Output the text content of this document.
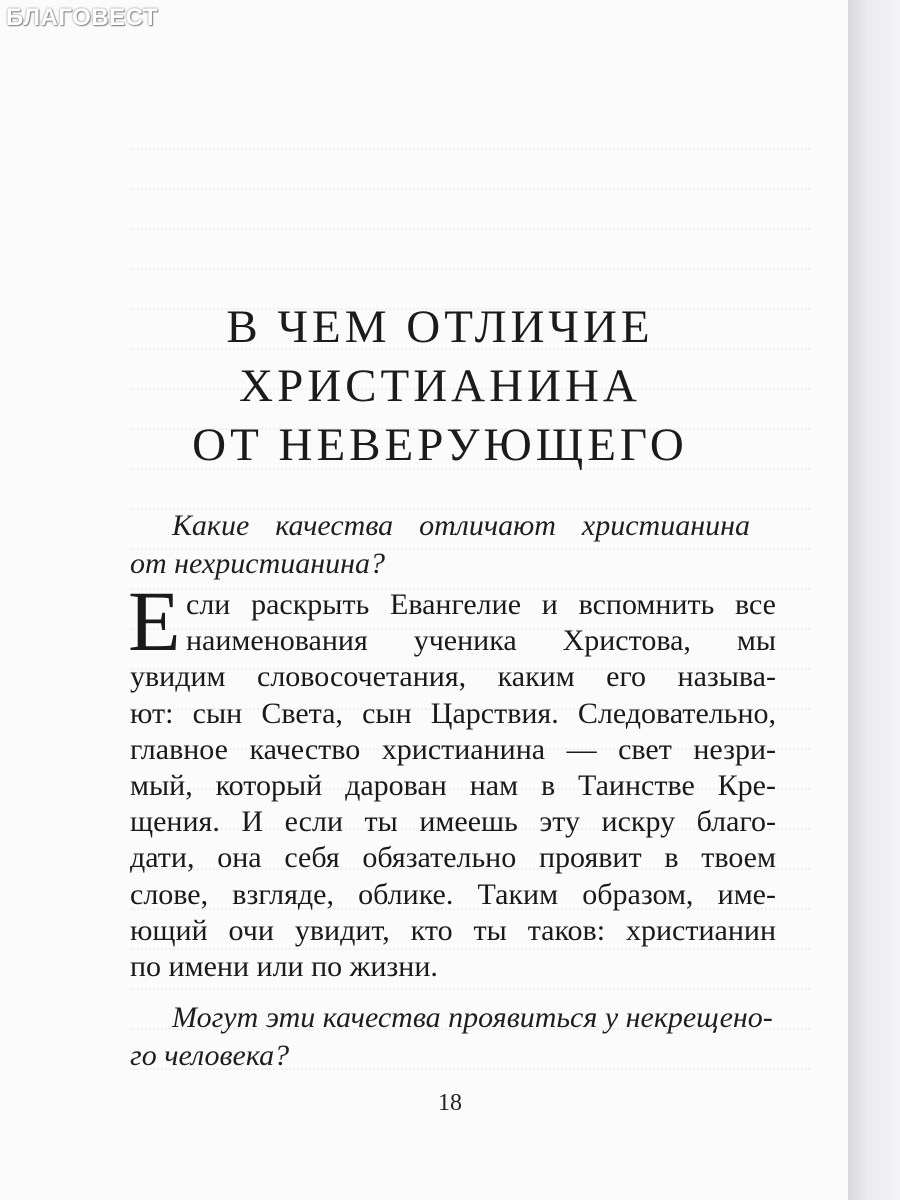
БЛАГОВЕСТ
В ЧЕМ ОТЛИЧИЕ
ХРИСТИАНИНА
ОТ НЕВЕРУЮЩЕГО

Какие качества отличают христианина
от нехристианина?

Е сли раскрыть Евангелие и вспомнить все
наименования ученика Христова, мы
увидим словосочетания, каким его называ-
ют: сын Света, сын Царствия. Следовательно,
главное качество христианина — свет незри-
мый, который дарован нам в Таинстве Кре-
щения. И если ты имеешь эту искру благо-
дати, она себя обязательно проявит в твоем
слове, взгляде, облике. Таким образом, име-
ющий очи увидит, кто ты таков: христианин
по имени или по жизни.

Могут эти качества проявиться у некрещено-
го человека?

18
